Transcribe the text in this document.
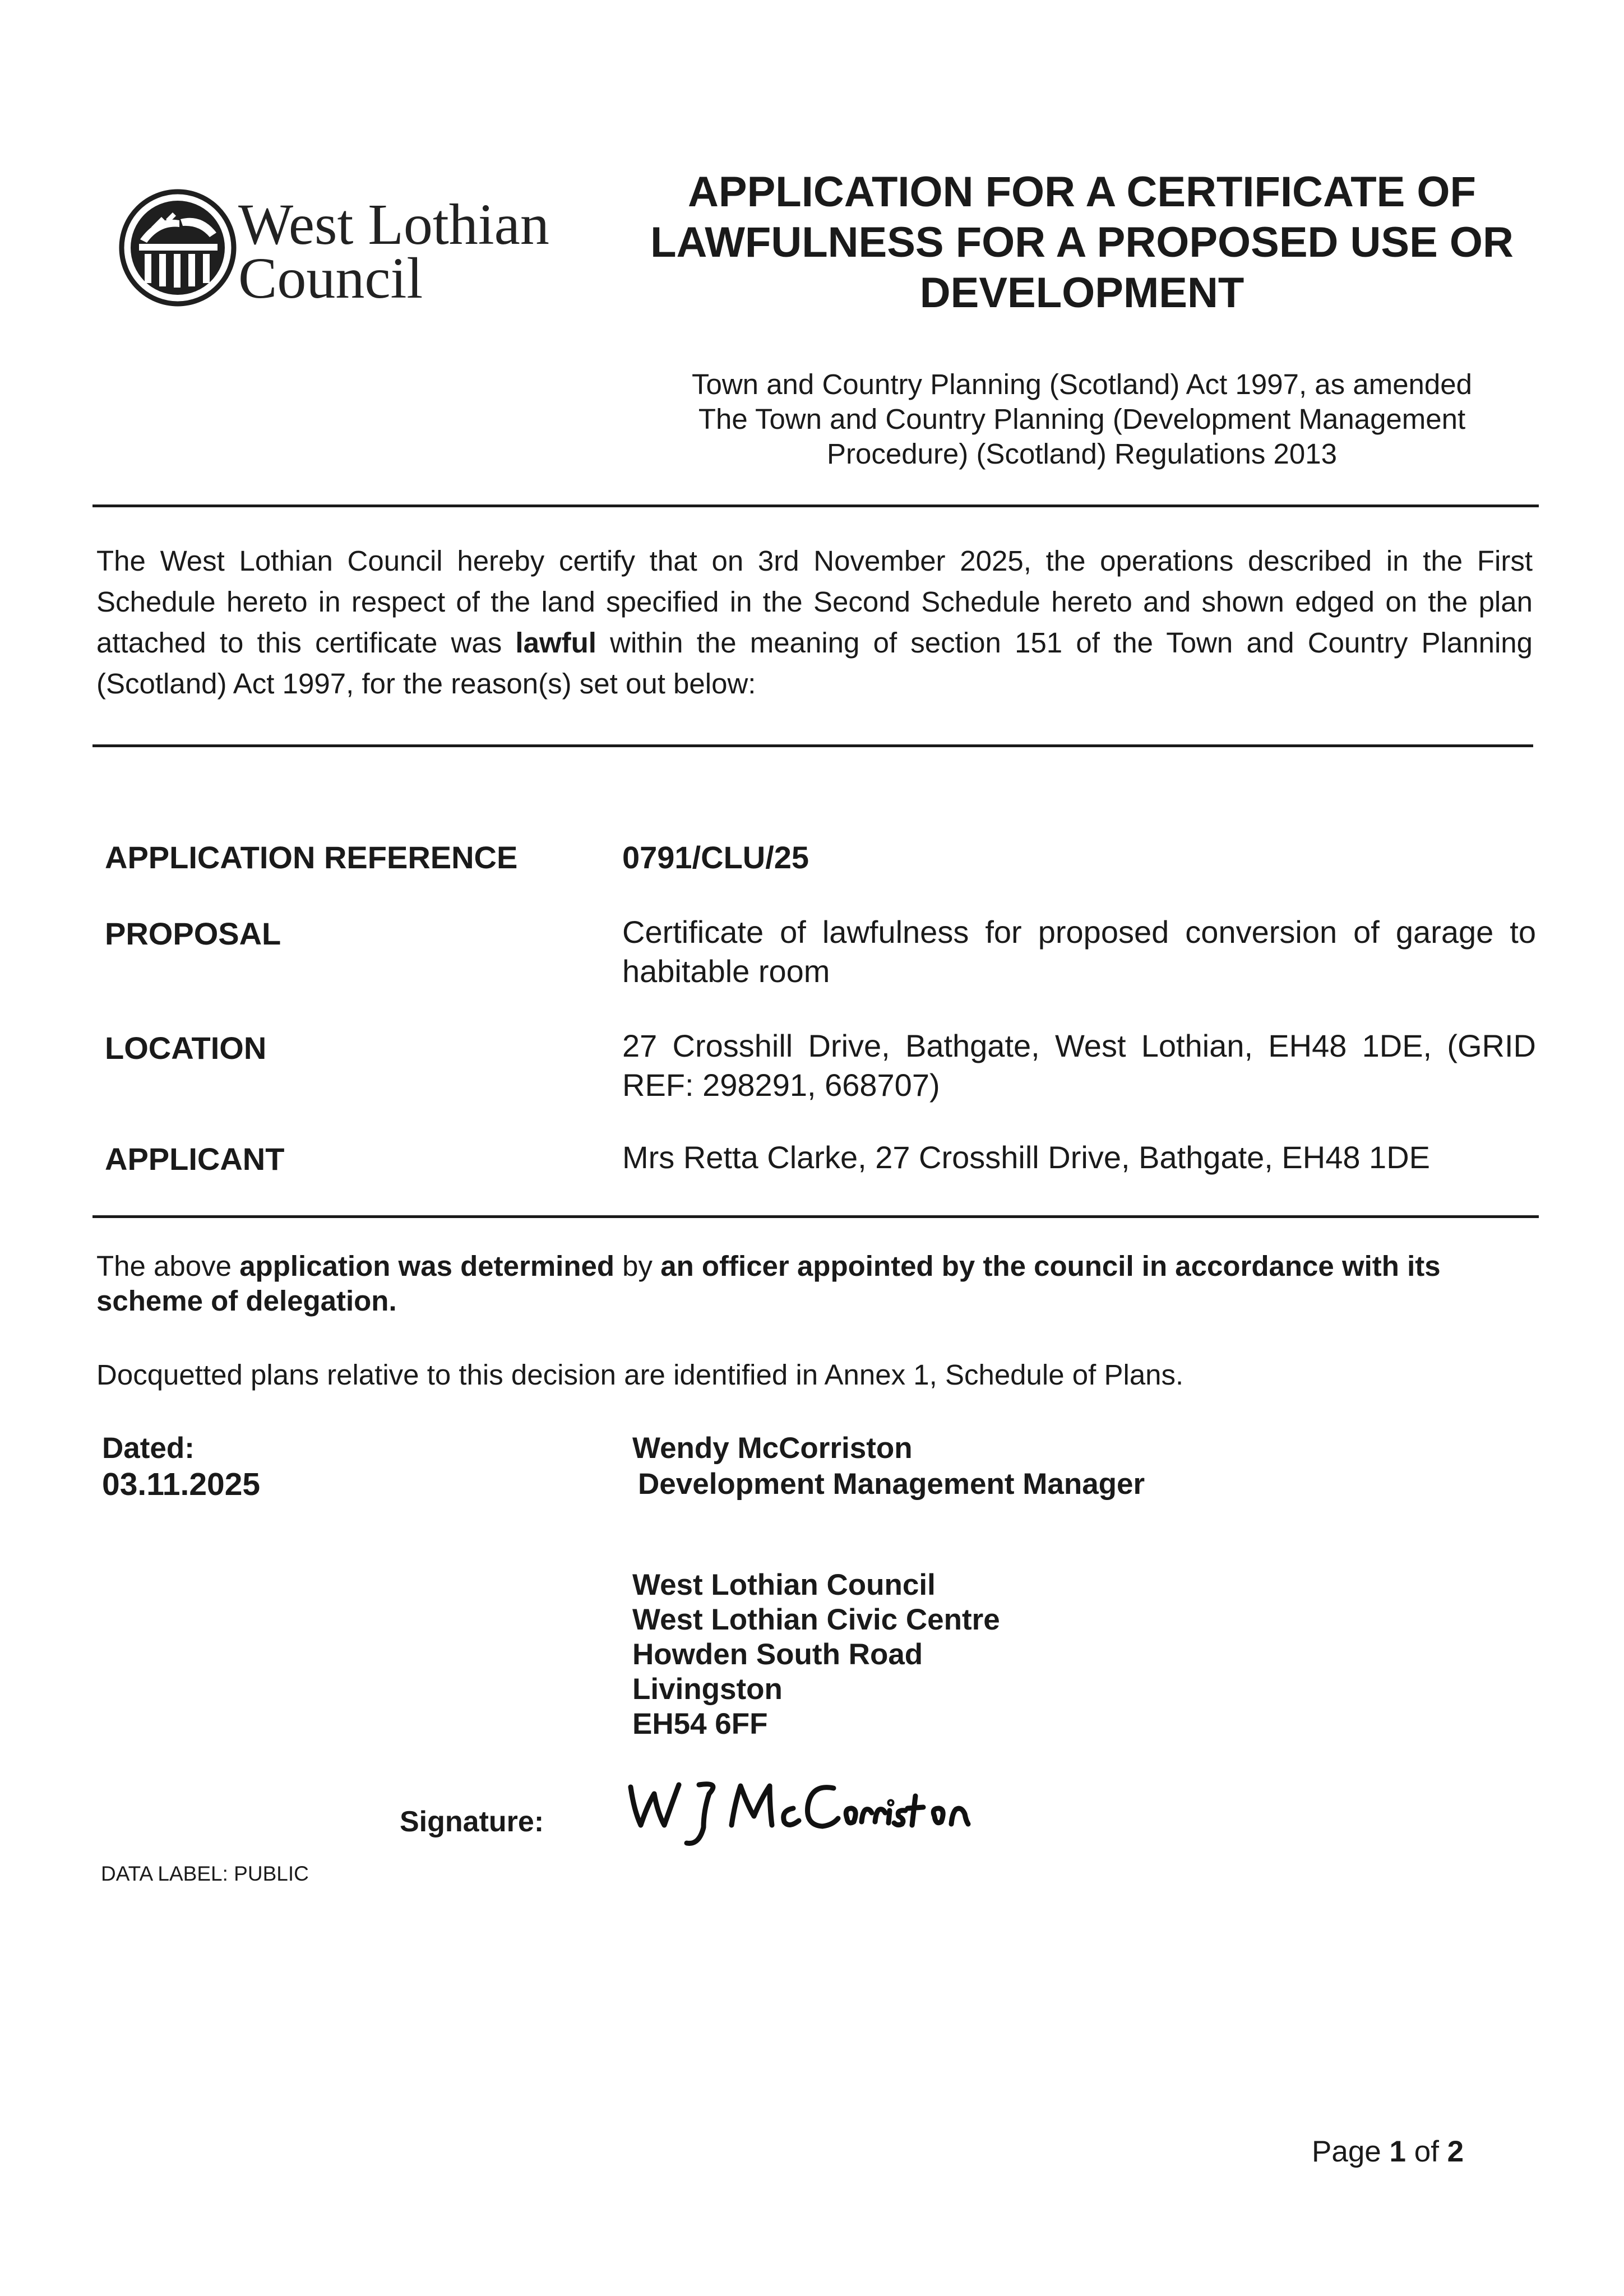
West Lothian
Council
APPLICATION FOR A CERTIFICATE OF
LAWFULNESS FOR A PROPOSED USE OR
DEVELOPMENT
Town and Country Planning (Scotland) Act 1997, as amended
The Town and Country Planning (Development Management
Procedure) (Scotland) Regulations 2013
The West Lothian Council hereby certify that on 3rd November 2025, the operations described in the First Schedule hereto in respect of the land specified in the Second Schedule hereto and shown edged on the plan attached to this certificate was lawful within the meaning of section 151 of the Town and Country Planning (Scotland) Act 1997, for the reason(s) set out below:
APPLICATION REFERENCE	0791/CLU/25
PROPOSAL	Certificate of lawfulness for proposed conversion of garage to habitable room
LOCATION	27 Crosshill Drive, Bathgate, West Lothian, EH48 1DE, (GRID REF: 298291, 668707)
APPLICANT	Mrs Retta Clarke, 27 Crosshill Drive, Bathgate, EH48 1DE
The above application was determined by an officer appointed by the council in accordance with its scheme of delegation.
Docquetted plans relative to this decision are identified in Annex 1, Schedule of Plans.
Dated:
03.11.2025
Wendy McCorriston
Development Management Manager
West Lothian Council
West Lothian Civic Centre
Howden South Road
Livingston
EH54 6FF
Signature:
DATA LABEL: PUBLIC
Page 1 of 2
